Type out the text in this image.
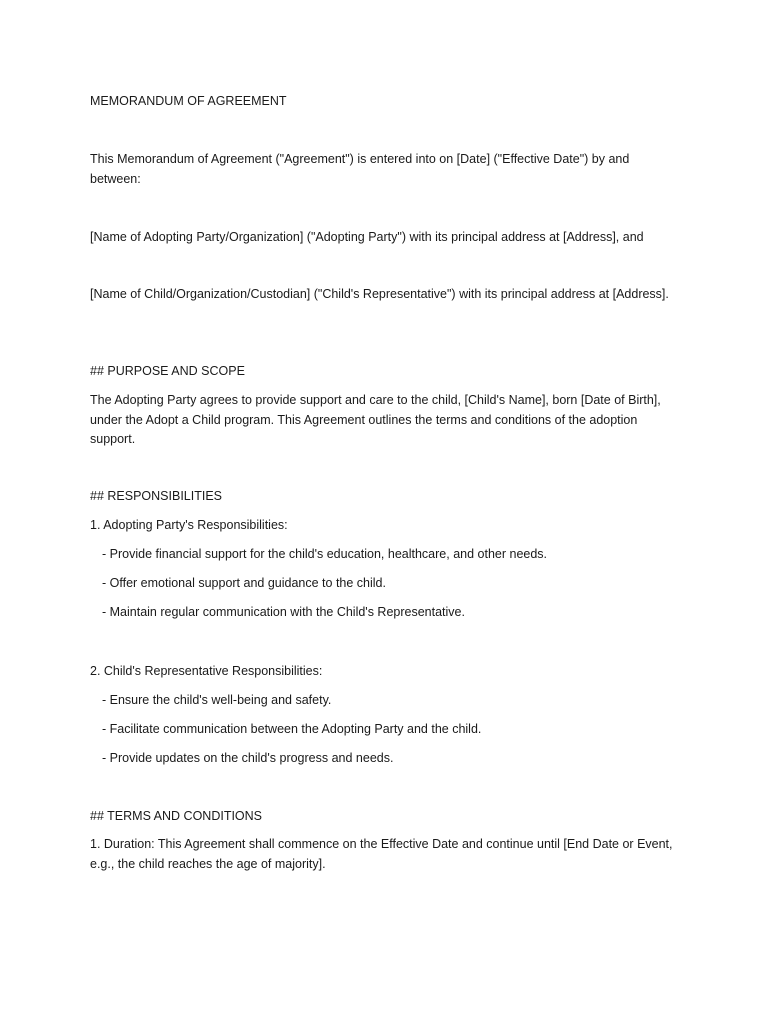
MEMORANDUM OF AGREEMENT

This Memorandum of Agreement ("Agreement") is entered into on [Date] ("Effective Date") by and between:

[Name of Adopting Party/Organization] ("Adopting Party") with its principal address at [Address], and

[Name of Child/Organization/Custodian] ("Child's Representative") with its principal address at [Address].

## PURPOSE AND SCOPE

The Adopting Party agrees to provide support and care to the child, [Child's Name], born [Date of Birth], under the Adopt a Child program. This Agreement outlines the terms and conditions of the adoption support.

## RESPONSIBILITIES

1. Adopting Party's Responsibilities:

- Provide financial support for the child's education, healthcare, and other needs.

- Offer emotional support and guidance to the child.

- Maintain regular communication with the Child's Representative.

2. Child's Representative Responsibilities:

- Ensure the child's well-being and safety.

- Facilitate communication between the Adopting Party and the child.

- Provide updates on the child's progress and needs.

## TERMS AND CONDITIONS

1. Duration: This Agreement shall commence on the Effective Date and continue until [End Date or Event, e.g., the child reaches the age of majority].
